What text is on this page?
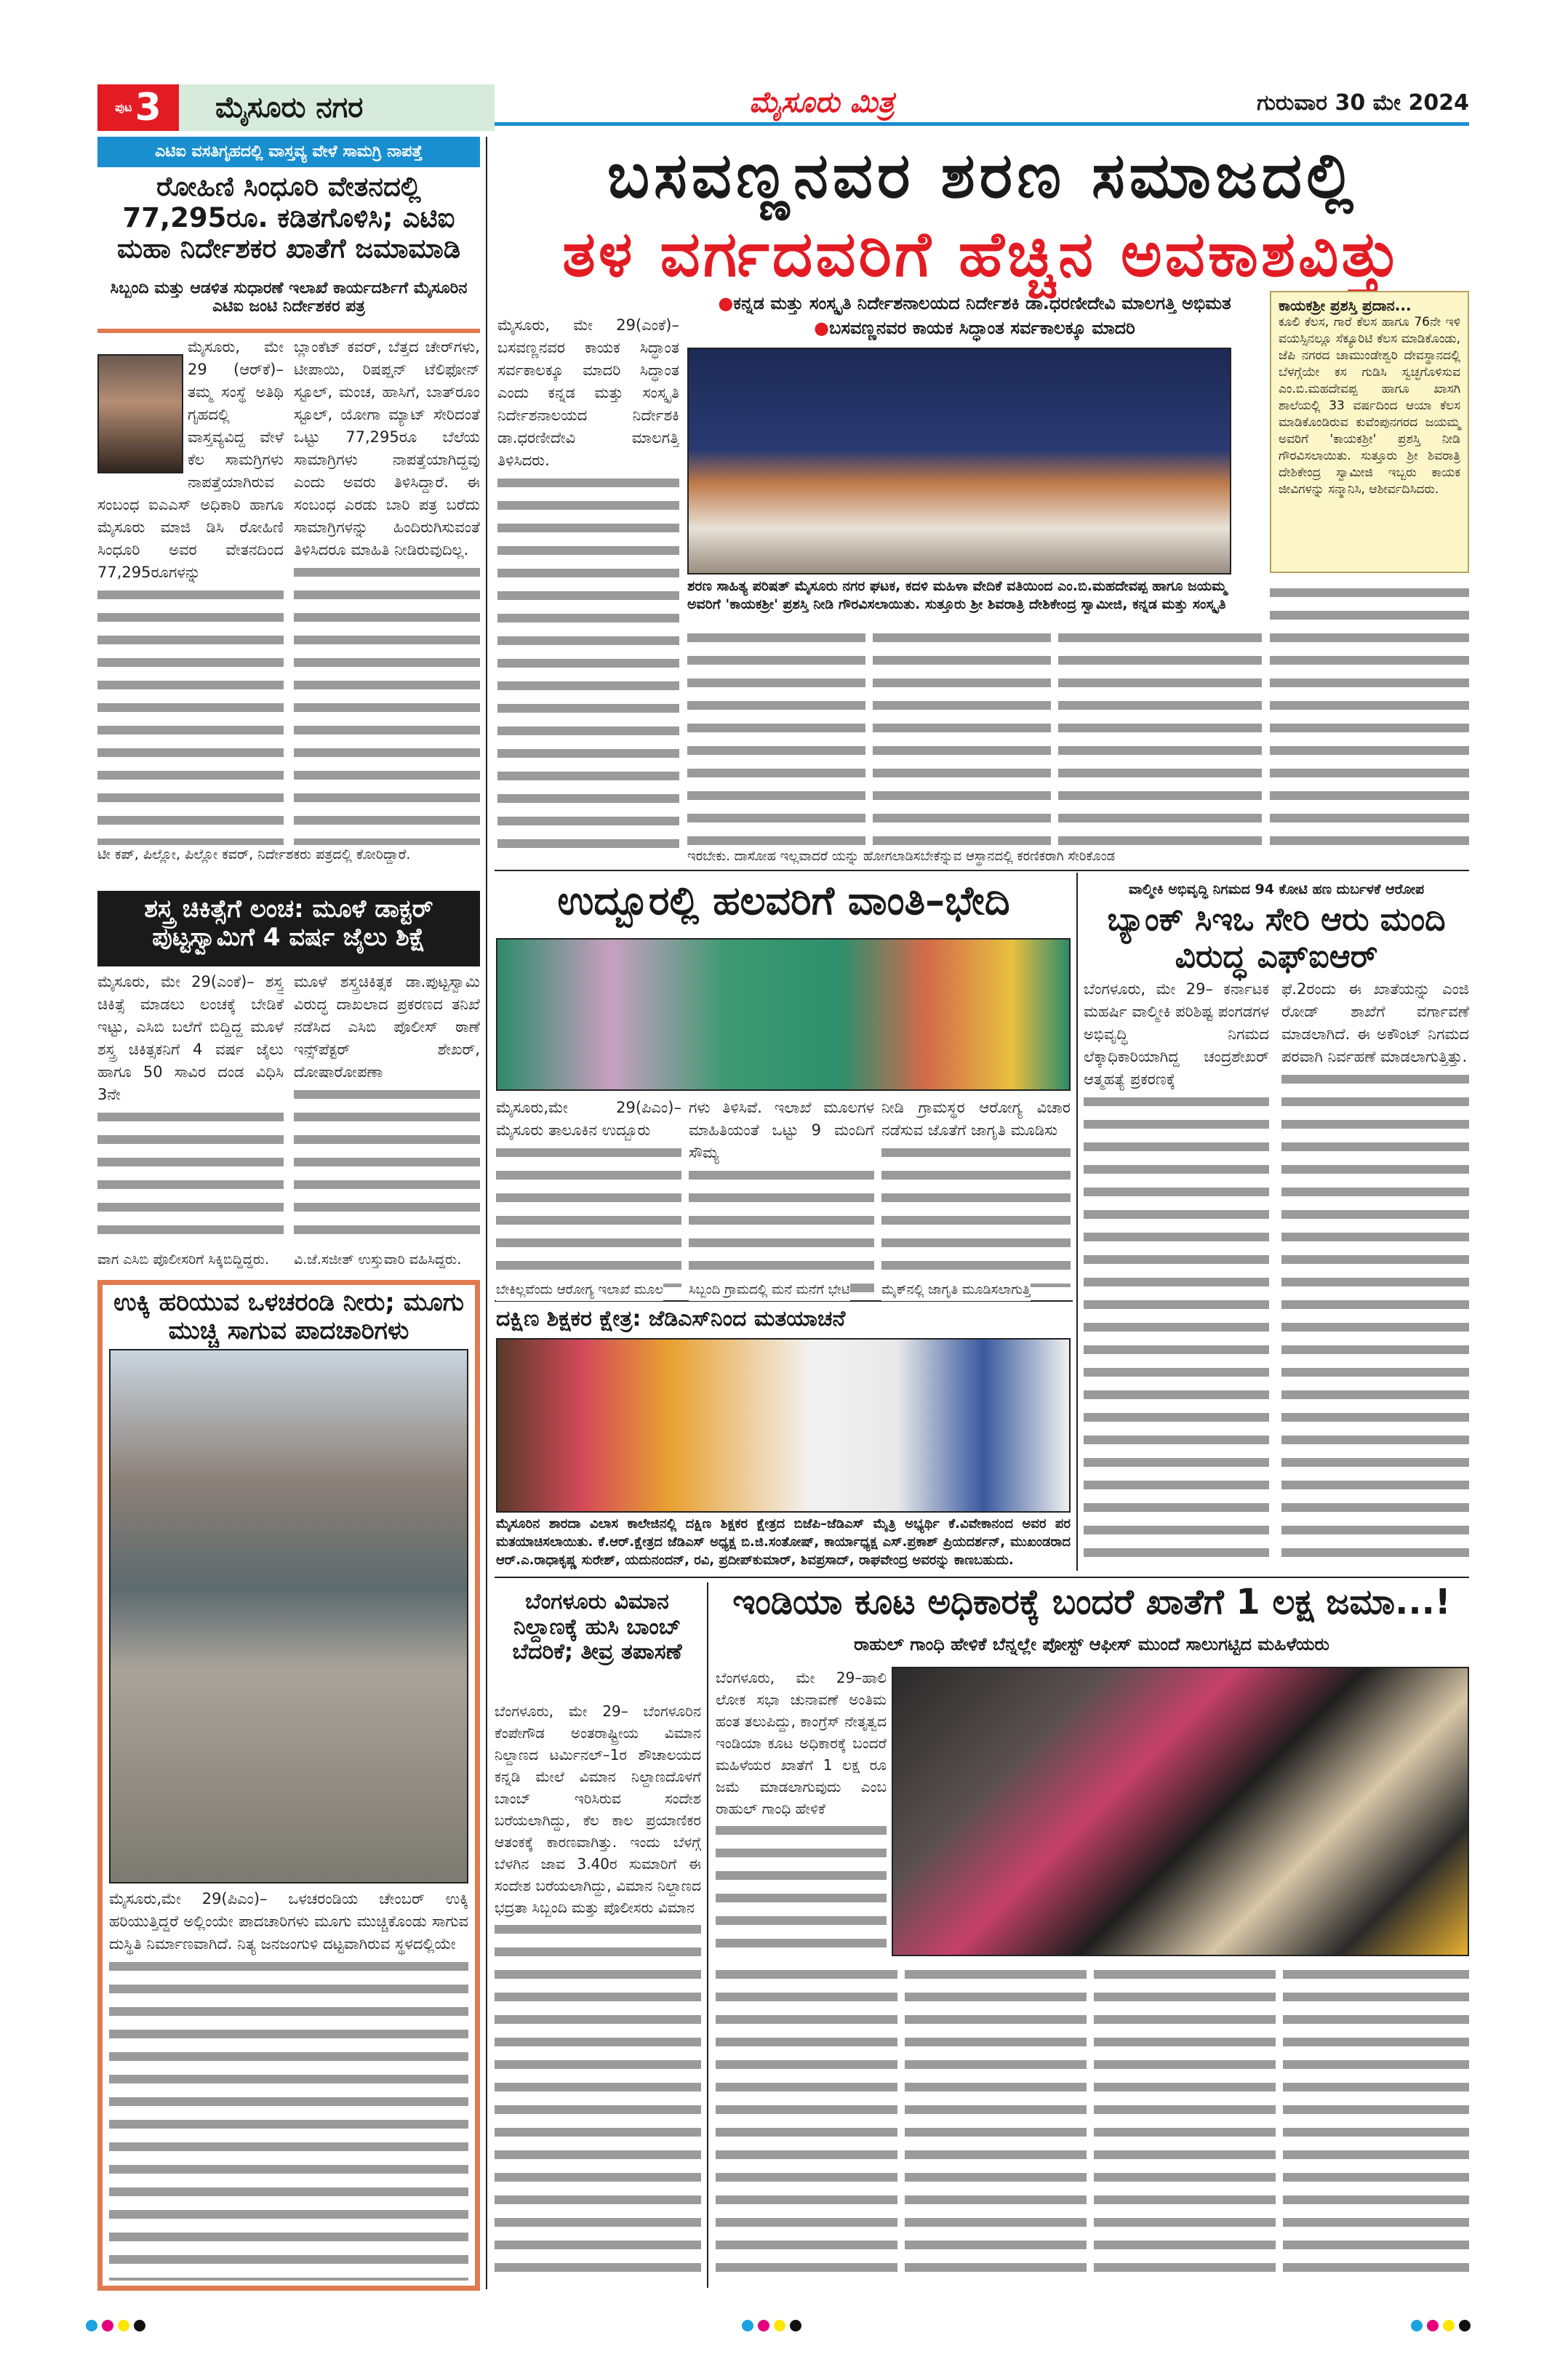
ಪುಟ 3	ಮೈಸೂರು ನಗರ	ಮೈಸೂರು ಮಿತ್ರ	ಗುರುವಾರ 30 ಮೇ 2024
ಎಟಿಐ ವಸತಿಗೃಹದಲ್ಲಿ ವಾಸ್ತವ್ಯ ವೇಳೆ ಸಾಮಗ್ರಿ ನಾಪತ್ತೆ
ರೋಹಿಣಿ ಸಿಂಧೂರಿ ವೇತನದಲ್ಲಿ 77,295ರೂ. ಕಡಿತಗೊಳಿಸಿ; ಎಟಿಐ ಮಹಾ ನಿರ್ದೇಶಕರ ಖಾತೆಗೆ ಜಮಾಮಾಡಿ
ಸಿಬ್ಬಂದಿ ಮತ್ತು ಆಡಳಿತ ಸುಧಾರಣೆ ಇಲಾಖೆ ಕಾರ್ಯದರ್ಶಿಗೆ ಮೈಸೂರಿನ ಎಟಿಐ ಜಂಟಿ ನಿರ್ದೇಶಕರ ಪತ್ರ
ಮೈಸೂರು, ಮೇ 29 (ಆರ್‌ಕೆ)–ತಮ್ಮ ಸಂಸ್ಥೆ ಅತಿಥಿ ಗೃಹದಲ್ಲಿ ವಾಸ್ತವ್ಯವಿದ್ದ ವೇಳೆ ಕೆಲ ಸಾಮಗ್ರಿಗಳು ನಾಪತ್ತೆಯಾಗಿರುವ ಸಂಬಂಧ ಐಎಎಸ್ ಅಧಿಕಾರಿ ಹಾಗೂ ಮೈಸೂರು ಮಾಜಿ ಡಿಸಿ ರೋಹಿಣಿ ಸಿಂಧೂರಿ ಅವರ ವೇತನದಿಂದ 77,295ರೂಗಳನ್ನು
ಬ್ಲಾಂಕೆಟ್ ಕವರ್, ಬೆತ್ತದ ಚೇರ್‌ಗಳು, ಟೀಪಾಯಿ, ರಿಷಪ್ಷನ್ ಟೆಲಿಫೋನ್ ಸ್ಟೂಲ್, ಮಂಚ, ಹಾಸಿಗೆ, ಬಾತ್‌ರೂಂ ಸ್ಟೂಲ್, ಯೋಗಾ ಮ್ಯಾಟ್ ಸೇರಿದಂತೆ ಒಟ್ಟು 77,295ರೂ ಬೆಲೆಯ ಸಾಮಾಗ್ರಿಗಳು ನಾಪತ್ತೆಯಾಗಿದ್ದವು ಎಂದು ಅವರು ತಿಳಿಸಿದ್ದಾರೆ. ಈ ಸಂಬಂಧ ಎರಡು ಬಾರಿ ಪತ್ರ ಬರೆದು ಸಾಮಾಗ್ರಿಗಳನ್ನು ಹಿಂದಿರುಗಿಸುವಂತೆ ತಿಳಿಸಿದರೂ ಮಾಹಿತಿ ನೀಡಿರುವುದಿಲ್ಲ.
ಟೀ ಕಪ್, ಪಿಲ್ಲೋ, ಪಿಲ್ಲೋ ಕವರ್, ನಿರ್ದೇಶಕರು ಪತ್ರದಲ್ಲಿ ಕೋರಿದ್ದಾರೆ.
ಶಸ್ತ್ರ ಚಿಕಿತ್ಸೆಗೆ ಲಂಚ: ಮೂಳೆ ಡಾಕ್ಟರ್ ಪುಟ್ಟಸ್ವಾಮಿಗೆ 4 ವರ್ಷ ಜೈಲು ಶಿಕ್ಷೆ
ಮೈಸೂರು, ಮೇ 29(ಎಂಕೆ)– ಶಸ್ತ್ರ ಚಿಕಿತ್ಸೆ ಮಾಡಲು ಲಂಚಕ್ಕೆ ಬೇಡಿಕೆ ಇಟ್ಟು, ಎಸಿಬಿ ಬಲೆಗೆ ಬಿದ್ದಿದ್ದ ಮೂಳೆ ಶಸ್ತ್ರ ಚಿಕಿತ್ಸಕನಿಗೆ 4 ವರ್ಷ ಜೈಲು ಹಾಗೂ 50 ಸಾವಿರ ದಂಡ ವಿಧಿಸಿ 3ನೇ
ಮೂಳೆ ಶಸ್ತ್ರಚಿಕಿತ್ಸಕ ಡಾ.ಪುಟ್ಟಸ್ವಾಮಿ ವಿರುದ್ಧ ದಾಖಲಾದ ಪ್ರಕರಣದ ತನಿಖೆ ನಡೆಸಿದ ಎಸಿಬಿ ಪೊಲೀಸ್ ಠಾಣೆ ಇನ್ಸ್‌ಪೆಕ್ಟರ್ ಶೇಖರ್, ದೋಷಾರೋಪಣಾ
ವಾಗ ಎಸಿಬಿ ಪೊಲೀಸರಿಗೆ ಸಿಕ್ಕಿಬಿದ್ದಿದ್ದರು. ವಿ.ಜೆ.ಸಜೀತ್ ಉಸ್ತುವಾರಿ ವಹಿಸಿದ್ದರು.
ಉಕ್ಕಿ ಹರಿಯುವ ಒಳಚರಂಡಿ ನೀರು; ಮೂಗು ಮುಚ್ಚಿ ಸಾಗುವ ಪಾದಚಾರಿಗಳು
ಮೈಸೂರು,ಮೇ 29(ಪಿಎಂ)– ಒಳಚರಂಡಿಯ ಚೇಂಬರ್ ಉಕ್ಕಿ ಹರಿಯುತ್ತಿದ್ದರೆ ಅಲ್ಲಿಂಯೇ ಪಾದಚಾರಿಗಳು ಮೂಗು ಮುಚ್ಚಿಕೊಂಡು ಸಾಗುವ ದುಸ್ಥಿತಿ ನಿರ್ಮಾಣವಾಗಿದೆ. ನಿತ್ಯ ಜನಜಂಗುಳಿ ದಟ್ಟವಾಗಿರುವ ಸ್ಥಳದಲ್ಲಿಯೇ
ಬಸವಣ್ಣನವರ ಶರಣ ಸಮಾಜದಲ್ಲಿ
ತಳ ವರ್ಗದವರಿಗೆ ಹೆಚ್ಚಿನ ಅವಕಾಶವಿತ್ತು
ಮೈಸೂರು, ಮೇ 29(ಎಂಕೆ)– ಬಸವಣ್ಣನವರ ಕಾಯಕ ಸಿದ್ಧಾಂತ ಸರ್ವಕಾಲಕ್ಕೂ ಮಾದರಿ ಸಿದ್ಧಾಂತ ಎಂದು ಕನ್ನಡ ಮತ್ತು ಸಂಸ್ಕೃತಿ ನಿರ್ದೇಶನಾಲಯದ ನಿರ್ದೇಶಕಿ ಡಾ.ಧರಣೀದೇವಿ ಮಾಲಗತ್ತಿ ತಿಳಿಸಿದರು.
●ಕನ್ನಡ ಮತ್ತು ಸಂಸ್ಕೃತಿ ನಿರ್ದೇಶನಾಲಯದ ನಿರ್ದೇಶಕಿ ಡಾ.ಧರಣೀದೇವಿ ಮಾಲಗತ್ತಿ ಅಭಿಮತ ●ಬಸವಣ್ಣನವರ ಕಾಯಕ ಸಿದ್ಧಾಂತ ಸರ್ವಕಾಲಕ್ಕೂ ಮಾದರಿ
ಶರಣ ಸಾಹಿತ್ಯ ಪರಿಷತ್ ಮೈಸೂರು ನಗರ ಘಟಕ, ಕದಳಿ ಮಹಿಳಾ ವೇದಿಕೆ ವತಿಯಿಂದ ಎಂ.ಬಿ.ಮಹದೇವಪ್ಪ ಹಾಗೂ ಜಯಮ್ಮ ಅವರಿಗೆ 'ಕಾಯಕಶ್ರೀ' ಪ್ರಶಸ್ತಿ ನೀಡಿ ಗೌರವಿಸಲಾಯಿತು. ಸುತ್ತೂರು ಶ್ರೀ ಶಿವರಾತ್ರಿ ದೇಶಿಕೇಂದ್ರ ಸ್ವಾಮೀಜಿ, ಕನ್ನಡ ಮತ್ತು ಸಂಸ್ಕೃತಿ
ಕಾಯಕಶ್ರೀ ಪ್ರಶಸ್ತಿ ಪ್ರದಾನ...
ಕೂಲಿ ಕೆಲಸ, ಗಾರೆ ಕೆಲಸ ಹಾಗೂ 76ನೇ ಇಳಿ ವಯಸ್ಸಿನಲ್ಲೂ ಸೆಕ್ಯೂರಿಟಿ ಕೆಲಸ ಮಾಡಿಕೊಂಡು, ಜೆಪಿ ನಗರದ ಚಾಮುಂಡೇಶ್ವರಿ ದೇವಸ್ಥಾನದಲ್ಲಿ ಬೆಳಗ್ಗೆಯೇ ಕಸ ಗುಡಿಸಿ ಸ್ವಚ್ಛಗೊಳಿಸುವ ಎಂ.ಬಿ.ಮಹದೇವಪ್ಪ ಹಾಗೂ ಖಾಸಗಿ ಶಾಲೆಯಲ್ಲಿ 33 ವರ್ಷದಿಂದ ಆಯಾ ಕೆಲಸ ಮಾಡಿಕೊಂಡಿರುವ ಕುವೆಂಪುನಗರದ ಜಯಮ್ಮ ಅವರಿಗೆ 'ಕಾಯಕಶ್ರೀ' ಪ್ರಶಸ್ತಿ ನೀಡಿ ಗೌರವಿಸಲಾಯಿತು. ಸುತ್ತೂರು ಶ್ರೀ ಶಿವರಾತ್ರಿ ದೇಶಿಕೇಂದ್ರ ಸ್ವಾಮೀಜಿ ಇಬ್ಬರು ಕಾಯಕ ಜೀವಿಗಳನ್ನು ಸನ್ಮಾನಿಸಿ, ಆಶೀರ್ವದಿಸಿದರು.
ಇರಬೇಕು. ದಾಸೋಹ ಇಲ್ಲವಾದರೆ ಯನ್ನು ಹೋಗಲಾಡಿಸಬೇಕೆನ್ನುವ ಆಸ್ಥಾನದಲ್ಲಿ ಕರಣಿಕರಾಗಿ ಸೇರಿಕೊಂಡ
ಉದ್ಬೂರಲ್ಲಿ ಹಲವರಿಗೆ ವಾಂತಿ–ಭೇದಿ
ಮೈಸೂರು,ಮೇ 29(ಪಿಎಂ)– ಮೈಸೂರು ತಾಲೂಕಿನ ಉದ್ಬೂರು
ಗಳು ತಿಳಿಸಿವೆ. ಇಲಾಖೆ ಮೂಲಗಳ ಮಾಹಿತಿಯಂತೆ ಒಟ್ಟು 9 ಮಂದಿಗೆ ಸೌಮ್ಯ
ನೀಡಿ ಗ್ರಾಮಸ್ಥರ ಆರೋಗ್ಯ ವಿಚಾರ ನಡೆಸುವ ಜೊತೆಗೆ ಜಾಗೃತಿ ಮೂಡಿಸು
ದಕ್ಷಿಣ ಶಿಕ್ಷಕರ ಕ್ಷೇತ್ರ: ಜೆಡಿಎಸ್‌ನಿಂದ ಮತಯಾಚನೆ
ಮೈಸೂರಿನ ಶಾರದಾ ವಿಲಾಸ ಕಾಲೇಜಿನಲ್ಲಿ ದಕ್ಷಿಣ ಶಿಕ್ಷಕರ ಕ್ಷೇತ್ರದ ಬಿಜೆಪಿ–ಜೆಡಿಎಸ್ ಮೈತ್ರಿ ಅಭ್ಯರ್ಥಿ ಕೆ.ವಿವೇಕಾನಂದ ಅವರ ಪರ ಮತಯಾಚಿಸಲಾಯಿತು. ಕೆ.ಆರ್.ಕ್ಷೇತ್ರದ ಜೆಡಿಎಸ್ ಅಧ್ಯಕ್ಷ ಬಿ.ಜಿ.ಸಂತೋಷ್, ಕಾರ್ಯಾಧ್ಯಕ್ಷ ಎಸ್.ಪ್ರಕಾಶ್ ಪ್ರಿಯದರ್ಶನ್, ಮುಖಂಡರಾದ ಆರ್.ಎ.ರಾಧಾಕೃಷ್ಣ ಸುರೇಶ್, ಯದುನಂದನ್, ರವಿ, ಪ್ರದೀಪ್‌ಕುಮಾರ್, ಶಿವಪ್ರಸಾದ್, ರಾಘವೇಂದ್ರ ಅವರನ್ನು ಕಾಣಬಹುದು.
ವಾಲ್ಮೀಕಿ ಅಭಿವೃದ್ಧಿ ನಿಗಮದ 94 ಕೋಟಿ ಹಣ ದುರ್ಬಳಕೆ ಆರೋಪ
ಬ್ಯಾಂಕ್ ಸಿಇಒ ಸೇರಿ ಆರು ಮಂದಿ ವಿರುದ್ಧ ಎಫ್‌ಐಆರ್
ಬೆಂಗಳೂರು, ಮೇ 29– ಕರ್ನಾಟಕ ಮಹರ್ಷಿ ವಾಲ್ಮೀಕಿ ಪರಿಶಿಷ್ಟ ಪಂಗಡಗಳ ಅಭಿವೃದ್ಧಿ ನಿಗಮದ ಲೆಕ್ಕಾಧಿಕಾರಿಯಾಗಿದ್ದ ಚಂದ್ರಶೇಖರ್ ಆತ್ಮಹತ್ಯೆ ಪ್ರಕರಣಕ್ಕೆ
ಫೆ.2ರಂದು ಈ ಖಾತೆಯನ್ನು ಎಂಜಿ ರೋಡ್ ಶಾಖೆಗೆ ವರ್ಗಾವಣೆ ಮಾಡಲಾಗಿದೆ. ಈ ಅಕೌಂಟ್ ನಿಗಮದ ಪರವಾಗಿ ನಿರ್ವಹಣೆ ಮಾಡಲಾಗುತ್ತಿತ್ತು.
ಬೆಂಗಳೂರು ವಿಮಾನ ನಿಲ್ದಾಣಕ್ಕೆ ಹುಸಿ ಬಾಂಬ್ ಬೆದರಿಕೆ; ತೀವ್ರ ತಪಾಸಣೆ
ಬೆಂಗಳೂರು, ಮೇ 29– ಬೆಂಗಳೂರಿನ ಕೆಂಪೇಗೌಡ ಅಂತರಾಷ್ಟ್ರೀಯ ವಿಮಾನ ನಿಲ್ದಾಣದ ಟರ್ಮಿನಲ್–1ರ ಶೌಚಾಲಯದ ಕನ್ನಡಿ ಮೇಲೆ ವಿಮಾನ ನಿಲ್ದಾಣದೊಳಗೆ ಬಾಂಬ್ ಇರಿಸಿರುವ ಸಂದೇಶ ಬರೆಯಲಾಗಿದ್ದು, ಕೆಲ ಕಾಲ ಪ್ರಯಾಣಿಕರ ಆತಂಕಕ್ಕೆ ಕಾರಣವಾಗಿತ್ತು. ಇಂದು ಬೆಳಗ್ಗೆ ಬೆಳಗಿನ ಜಾವ 3.40ರ ಸುಮಾರಿಗೆ ಈ ಸಂದೇಶ ಬರೆಯಲಾಗಿದ್ದು, ವಿಮಾನ ನಿಲ್ದಾಣದ ಭದ್ರತಾ ಸಿಬ್ಬಂದಿ ಮತ್ತು ಪೊಲೀಸರು ವಿಮಾನ
ಇಂಡಿಯಾ ಕೂಟ ಅಧಿಕಾರಕ್ಕೆ ಬಂದರೆ ಖಾತೆಗೆ 1 ಲಕ್ಷ ಜಮಾ...!
ರಾಹುಲ್ ಗಾಂಧಿ ಹೇಳಿಕೆ ಬೆನ್ನಲ್ಲೇ ಪೋಸ್ಟ್ ಆಫೀಸ್ ಮುಂದೆ ಸಾಲುಗಟ್ಟಿದ ಮಹಿಳೆಯರು
ಬೆಂಗಳೂರು, ಮೇ 29–ಹಾಲಿ ಲೋಕ ಸಭಾ ಚುನಾವಣೆ ಅಂತಿಮ ಹಂತ ತಲುಪಿದ್ದು, ಕಾಂಗ್ರೆಸ್ ನೇತೃತ್ವದ ಇಂಡಿಯಾ ಕೂಟ ಅಧಿಕಾರಕ್ಕೆ ಬಂದರೆ ಮಹಿಳೆಯರ ಖಾತೆಗೆ 1 ಲಕ್ಷ ರೂ ಜಮೆ ಮಾಡಲಾಗುವುದು ಎಂಬ ರಾಹುಲ್ ಗಾಂಧಿ ಹೇಳಿಕೆ
ಬೇಕಿಲ್ಲವೆಂದು ಆರೋಗ್ಯ ಇಲಾಖೆ ಮೂಲ ಸಿಬ್ಬಂದಿ ಗ್ರಾಮದಲ್ಲಿ ಮನೆ ಮನೆಗೆ ಭೇಟಿ ಮೈಕ್‌ನಲ್ಲಿ ಜಾಗೃತಿ ಮೂಡಿಸಲಾಗುತ್ತಿ
